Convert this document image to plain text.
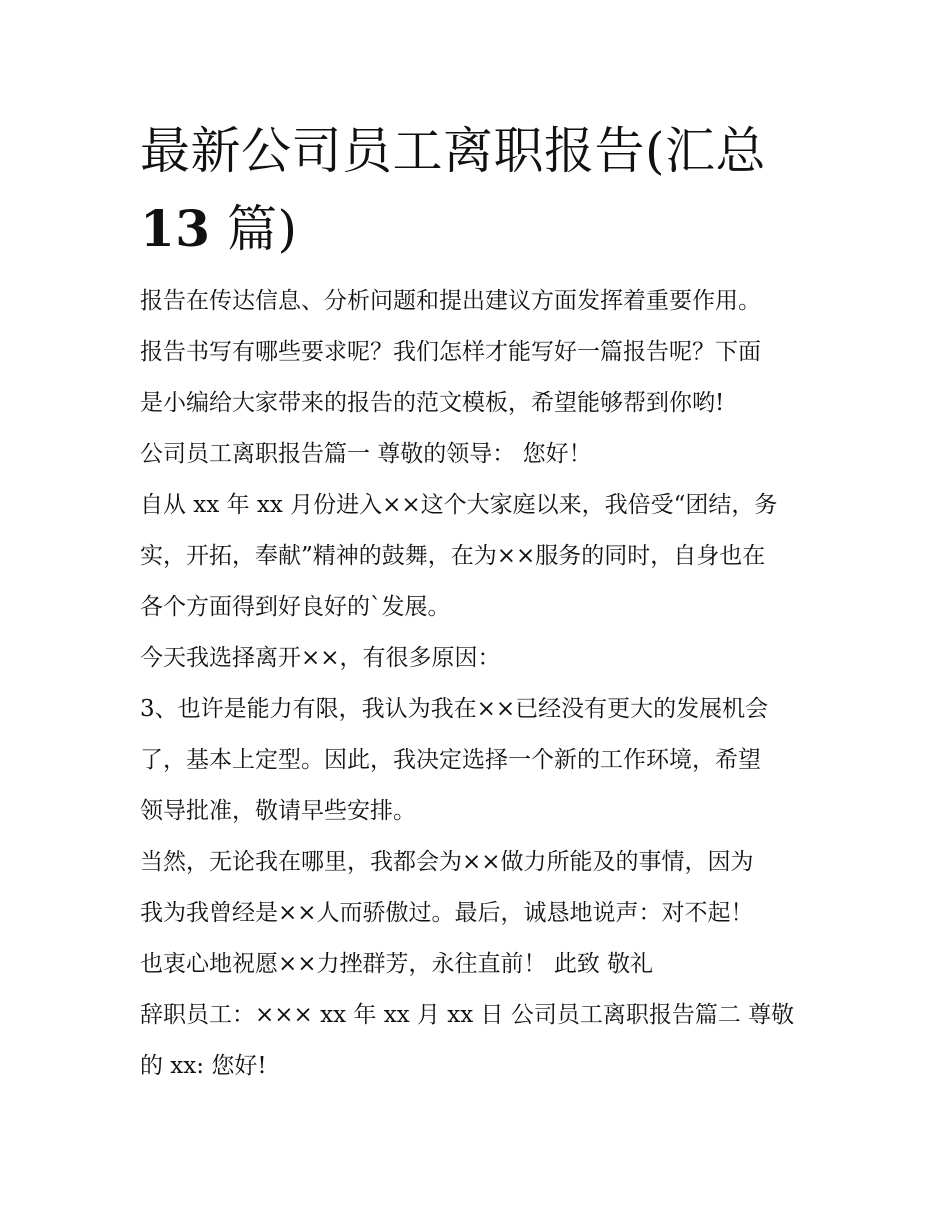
最新公司员工离职报告(汇总
13 篇)
报告在传达信息、分析问题和提出建议方面发挥着重要作用。
报告书写有哪些要求呢？我们怎样才能写好一篇报告呢？下面
是小编给大家带来的报告的范文模板，希望能够帮到你哟!
公司员工离职报告篇一 尊敬的领导： 您好！
自从 xx 年 xx 月份进入××这个大家庭以来，我倍受“团结，务
实，开拓，奉献”精神的鼓舞，在为××服务的同时，自身也在
各个方面得到好良好的`发展。
今天我选择离开××，有很多原因：
3、也许是能力有限，我认为我在××已经没有更大的发展机会
了，基本上定型。因此，我决定选择一个新的工作环境，希望
领导批准，敬请早些安排。
当然，无论我在哪里，我都会为××做力所能及的事情，因为
我为我曾经是××人而骄傲过。最后，诚恳地说声：对不起！
也衷心地祝愿××力挫群芳，永往直前！ 此致 敬礼
辞职员工：××× xx 年 xx 月 xx 日 公司员工离职报告篇二 尊敬
的 xx: 您好!
